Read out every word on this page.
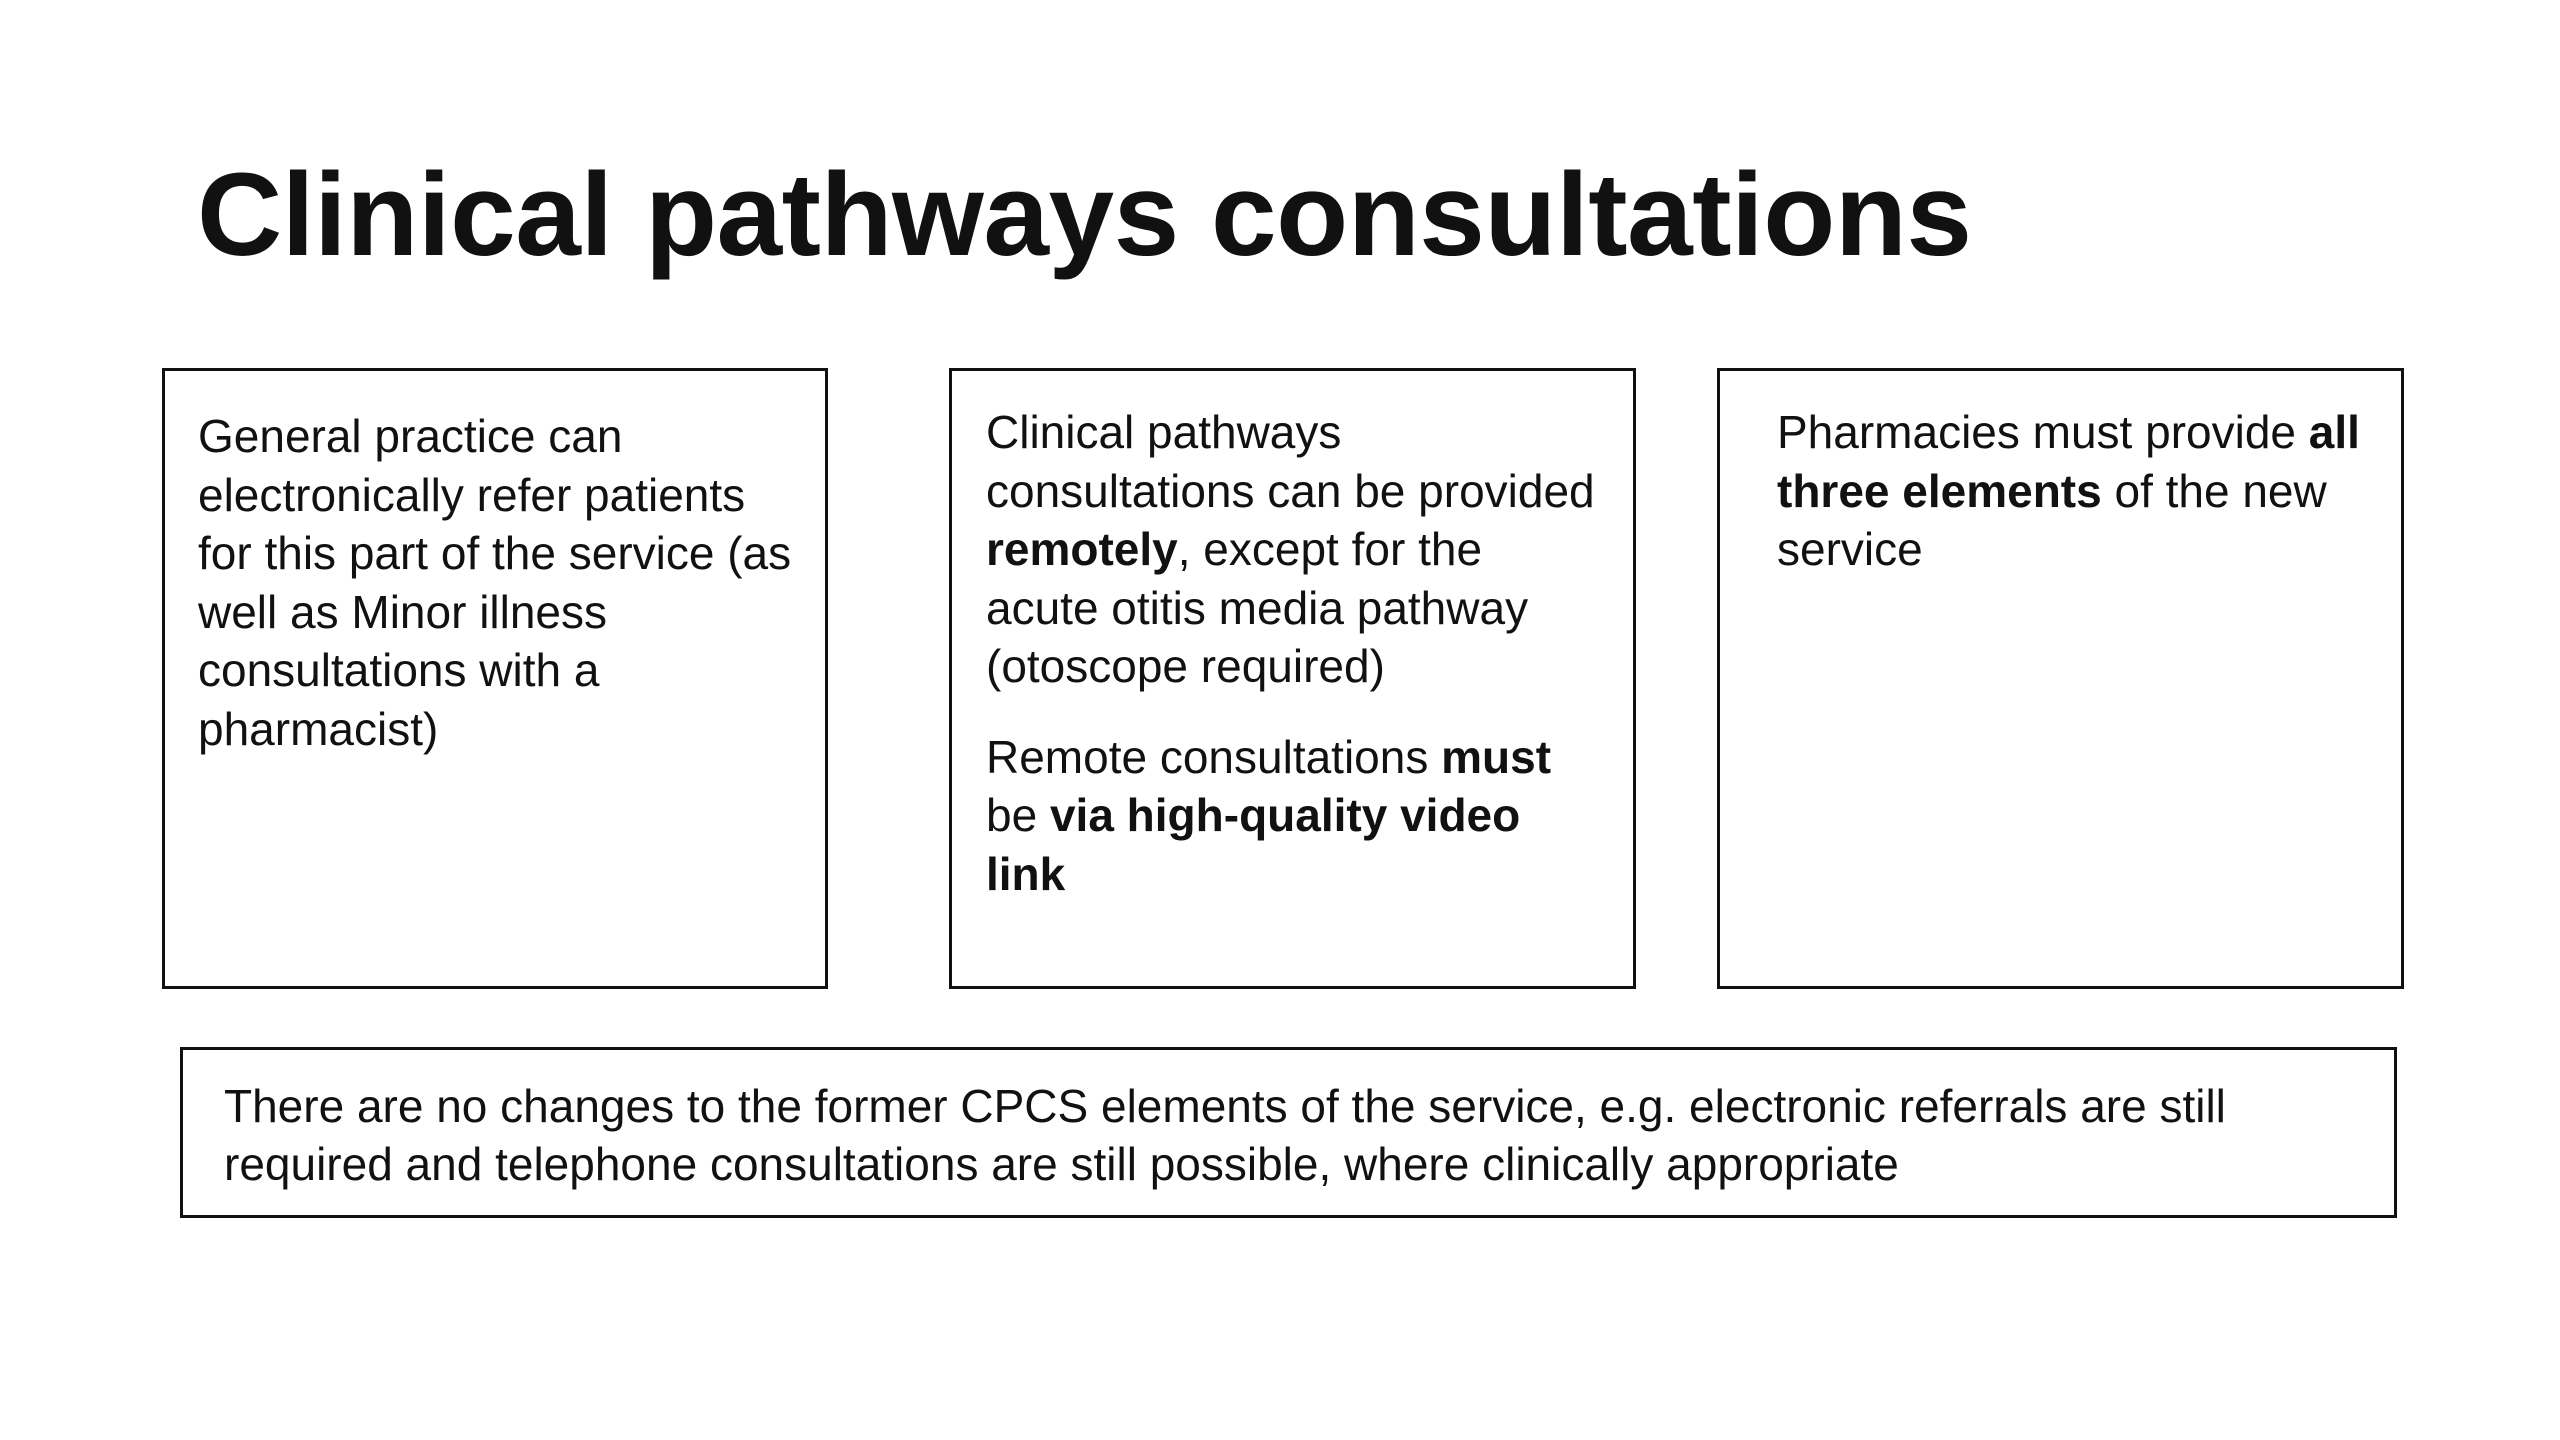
Clinical pathways consultations

General practice can electronically refer patients for this part of the service (as well as Minor illness consultations with a pharmacist)

Clinical pathways consultations can be provided remotely, except for the acute otitis media pathway (otoscope required)

Remote consultations must be via high-quality video link

Pharmacies must provide all three elements of the new service

There are no changes to the former CPCS elements of the service, e.g. electronic referrals are still required and telephone consultations are still possible, where clinically appropriate
